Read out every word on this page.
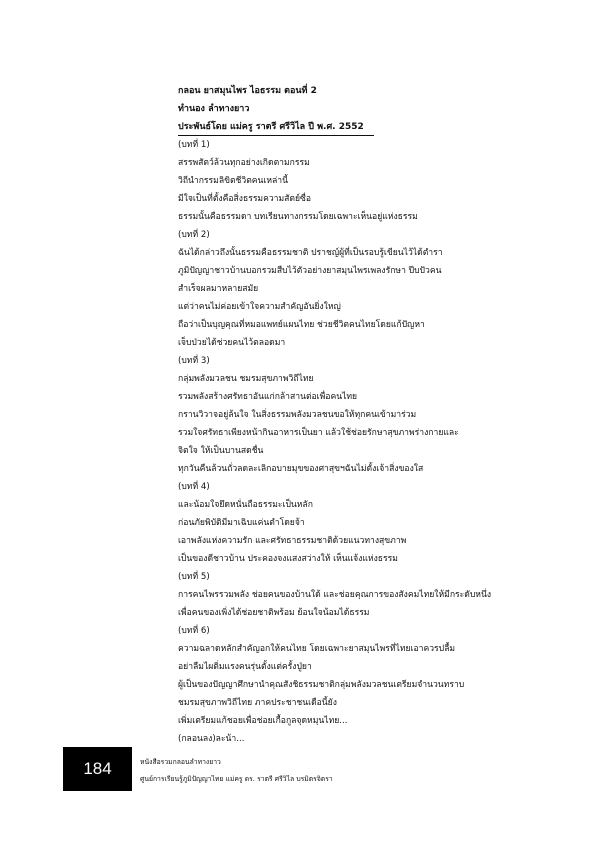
กลอน ยาสมุนไพร ไอธรรม ตอนที่ 2
ทำนอง ลำทางยาว
ประพันธ์โดย แม่ครู ราตรี ศรีวิไล ปี พ.ศ. 2552
(บทที่ 1)
สรรพสัตว์ล้วนทุกอย่างเกิดตามกรรม
วิถีนำกรรมลิขิตชีวิตคนเหล่านี้
มีใจเป็นที่ตั้งคือสิ่งธรรมความสัตย์ซื่อ
ธรรมนั้นคือธรรมดา บทเรียนทางกรรมโดยเฉพาะเห็นอยู่แห่งธรรม
(บทที่ 2)
ฉันได้กล่าวถึงนั้นธรรมคือธรรมชาติ ปราชญ์ผู้ที่เป็นรอบรู้เขียนไว้ได้ตำรา
ภูมิปัญญาชาวบ้านบอกรวมสืบไว้ตัวอย่างยาสมุนไพรเพลงรักษา ปีบปัวคน
สำเร็จผลมาหลายสมัย
แต่ว่าคนไม่ค่อยเข้าใจความสำคัญอันยิ่งใหญ่
ถือว่าเป็นบุญคุณที่หมอแพทย์แผนไทย ช่วยชีวิตคนไทยโดยแก้ปัญหา
เจ็บป่วยได้ช่วยคนไว้ตลอดมา
(บทที่ 3)
กลุ่มพลังมวลชน ชมรมสุขภาพวิถีไทย
รวมพลังสร้างศรัทธาอันแก่กล้าสานต่อเพื่อคนไทย
กรานวิวาจอยู่ล้นใจ ในสิ่งธรรมพลังมวลชนขอให้ทุกคนเข้ามาร่วม
รวมใจศรัทธาเพียงหน้ากินอาหารเป็นยา แล้วใช้ช่อยรักษาสุขภาพร่างกายและ
จิตใจ ให้เป็นบานสดชื่น
ทุกวันคืนล้วนถั่วลดละเลิกอบายมุขของศาสุขฯฉันไม่ตั้งเจ้าสิ่งของใส
(บทที่ 4)
และน้อมใจยึดหนั่นถือธรรมะเป็นหลัก
ก่อนภัยพิบัติมีมาเฉิบแค่นตำโดยจ้า
เอาพลังแห่งความรัก และศรัทธาธรรมชาติด้วยแนวทางสุขภาพ
เป็นของดีชาวบ้าน ประคองจงแสงสว่างให้ เห็นแจ้งแห่งธรรม
(บทที่ 5)
การคนไพรรวมพลัง ช่อยคนของบ้านใด้ และช่อยคุณการของสังคมไทยให้มีกระดับหนึ่ง
เพื่อคนของเพิ่งได้ช่อยชาติพร้อม ย้อนใจน้อมได้ธรรม
(บทที่ 6)
ความฉลาดหลักสำคัญอกให้คนไทย โดยเฉพาะยาสมุนไพรที่ไทยเอาควรปลื้ม
อย่าลืมไผติ่มแรงคนรุ่นตั้งแต่ครั้งปู่ยา
ผู้เป็นของปัญญาศึกษานำคุณสังชิธรรมชาติกลุ่มพลังมวลชนเตรียมจำนวนทราบ
ชมรมสุขภาพวิถีไทย ภาคประชาชนเดือนี้ยัง
เพิ่มเตรียมแก้ชอยเพื่อช่อยเกื้อกูลจุดหมุนไทย...
(กลอนลง)ละน้า...
184	หนังสือรวมกลอนลำทางยาว
ศูนย์การเรียนรู้ภูมิปัญญาไทย แม่ครู ดร. ราตรี ศรีวิไล บรมิตรจิตรา
